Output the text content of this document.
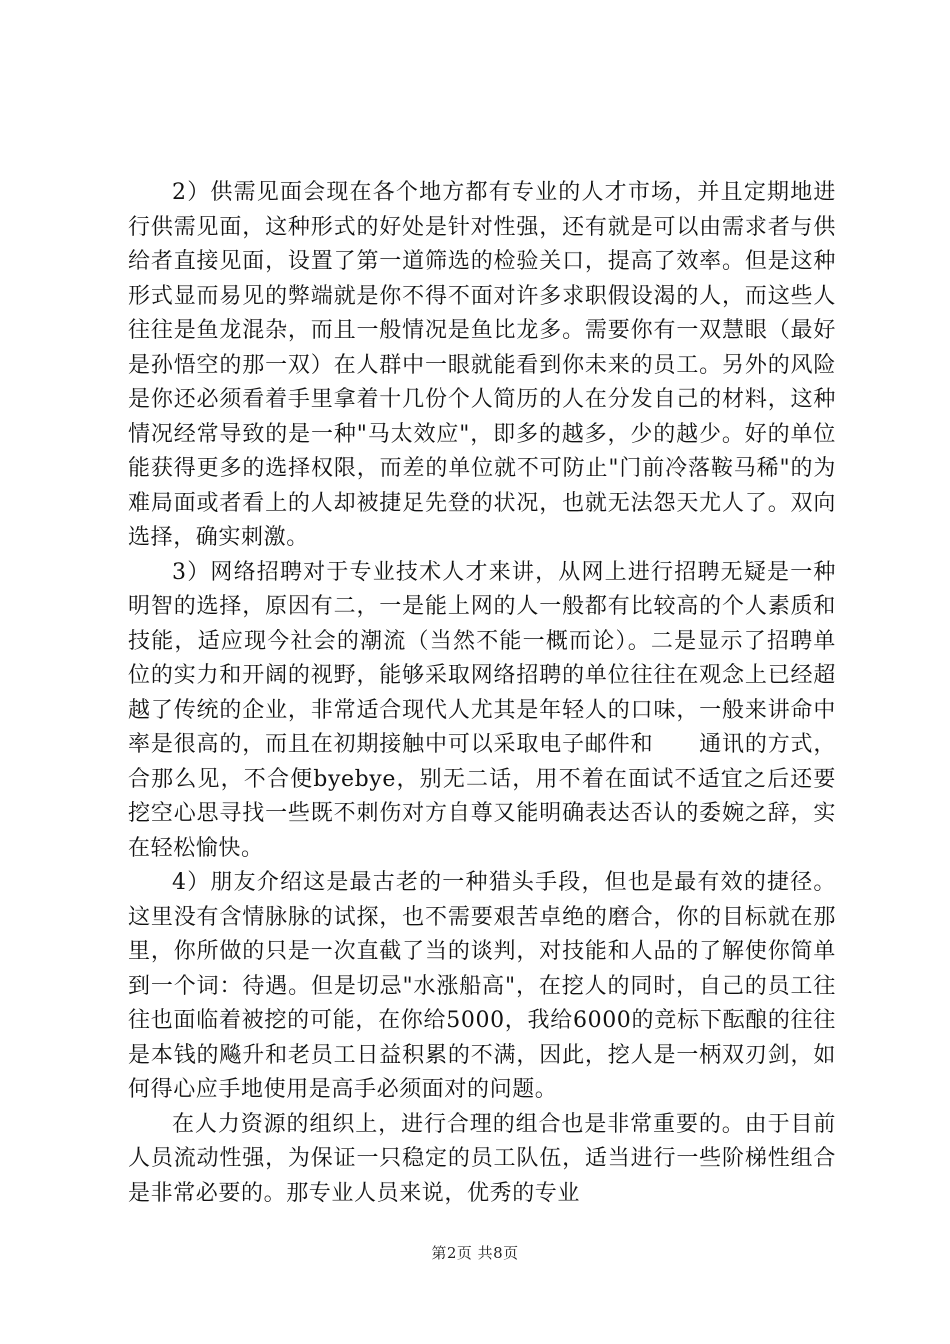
2）供需见面会现在各个地方都有专业的人才市场，并且定期地进行供需见面，这种形式的好处是针对性强，还有就是可以由需求者与供给者直接见面，设置了第一道筛选的检验关口，提高了效率。但是这种形式显而易见的弊端就是你不得不面对许多求职假设渴的人，而这些人往往是鱼龙混杂，而且一般情况是鱼比龙多。需要你有一双慧眼（最好是孙悟空的那一双）在人群中一眼就能看到你未来的员工。另外的风险是你还必须看着手里拿着十几份个人简历的人在分发自己的材料，这种情况经常导致的是一种"马太效应"，即多的越多，少的越少。好的单位能获得更多的选择权限，而差的单位就不可防止"门前冷落鞍马稀"的为难局面或者看上的人却被捷足先登的状况，也就无法怨天尤人了。双向选择，确实刺激。

3）网络招聘对于专业技术人才来讲，从网上进行招聘无疑是一种明智的选择，原因有二，一是能上网的人一般都有比较高的个人素质和技能，适应现今社会的潮流（当然不能一概而论）。二是显示了招聘单位的实力和开阔的视野，能够采取网络招聘的单位往往在观念上已经超越了传统的企业，非常适合现代人尤其是年轻人的口味，一般来讲命中率是很高的，而且在初期接触中可以采取电子邮件和　　通讯的方式，合那么见，不合便byebye，别无二话，用不着在面试不适宜之后还要挖空心思寻找一些既不刺伤对方自尊又能明确表达否认的委婉之辞，实在轻松愉快。

4）朋友介绍这是最古老的一种猎头手段，但也是最有效的捷径。这里没有含情脉脉的试探，也不需要艰苦卓绝的磨合，你的目标就在那里，你所做的只是一次直截了当的谈判，对技能和人品的了解使你简单到一个词：待遇。但是切忌"水涨船高"，在挖人的同时，自己的员工往往也面临着被挖的可能，在你给5000，我给6000的竞标下酝酿的往往是本钱的飚升和老员工日益积累的不满，因此，挖人是一柄双刃剑，如何得心应手地使用是高手必须面对的问题。

在人力资源的组织上，进行合理的组合也是非常重要的。由于目前人员流动性强，为保证一只稳定的员工队伍，适当进行一些阶梯性组合是非常必要的。那专业人员来说，优秀的专业

第2页 共8页
